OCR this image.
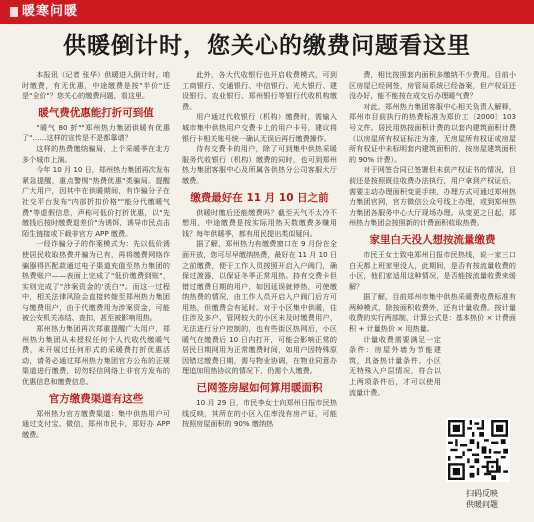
暖寒问暖
供暖倒计时，您关心的缴费问题看这里

本报讯（记者 张华）供暖进入倒计时，咱时缴费，有无优惠，中途缴费是按"半价"还是"全价"？您关心的缴费问题，看这里。

暖气费优惠能打折可到值

"暖气 80 折""郑州热力集团供暖有优惠了"……这样的宣传是不是都靠谱？

这样的热费缴纳骗局，上个采暖季在北方多个城市上演。

今年 10 月 10 日，郑州热力集团再次发布紧急提醒，重点警惕"热费优惠"类骗局。提醒广大用户，因其中在供暖期间，有诈骗分子在社交平台发布"内部折扣价格""能分代缴暖气费"等虚假信息，声称可低价打折优惠，以"先缴钱后按时缴费退差价"为诱饵，诱导市民点击陌生链接或下载非官方 APP 缴费。

一经诈骗分子的作案模式为：先以低价诱使居民收取热费并骗为已有，再将缴费网络诈骗器得匹配款通过电子渠道充值至热力集团的热费账户——表面上完成了"低价缴费到账"，实则完成了"涉案资金的'洗白'"。而这一过程中，相关法律风险会直接转嫁至郑州热力集团与缴费用户，由于代缴费用为涉案资金，可能被公安机关冻结、查扣，甚至被影响用热。

郑州热力集团再次郑重提醒广大用户，郑州热力集团从未授权任何个人代收代缴暖气费，未开展过任何形式的采暖费打折优惠活动，请务必通过郑州热力集团官方公布的正规渠道进行缴费，切勿轻信网络上非官方发布的优惠信息和缴费信息。

官方缴费渠道有这些

郑州热力官方缴费渠道：集中供热用户可通过支付宝、微信，郑州市民卡，郑好办 APP 缴费。

此外，各大代收银行也开启收费模式，可到工商银行、交通银行、中信银行、光大银行、建设银行、农业银行、郑州银行等银行代收机构缴费。

用户通过代收银行（机构）缴费时，需输入城市集中供热用户交费卡上的用户卡号，建议将银行卡相关账号统一确认无误后再行缴费操作。

待有交费卡的用户，除了可到集中供热采暖服务代收银行（机构）缴费的同时，也可到郑州热力集团客服中心及所属各供热分公司客服大厅缴费。

缴费最好在 11 月 10 日之前

供暖时缴后还能缴费吗？截至天气不太冷不想用，中途缴费是按实际用热天数缴费多赚用钱？每年供暖季，都有用民提出类似疑问。

据了解，郑州热力有缴费窗口在 9 月份在全面开放，您可尽早缴纳热费，最好在 11 月 10 日之前缴费，便于工作人员按照开启入户阀门，确保过渡器，以保证冬季正常用热。持有交费卡但错过缴费日期的用户，如因延误就停热，可使缴纳热费的情况，由工作人员开启入户阀门后方可用热，但缴费会有延时。对于小区集中供暖，往往涉及多户、管网较大的小区未及时缴费用户，无法进行分户控制的，也有些街区热网后，小区暖气在缴费后 10 日内打开，可能会影响正常的居民日期网用为正常缴费时间，如用户因特殊原因错过缴费日期，需与物业协调，在物业同意办理追加用热协议的情况下，仍需个人缴费。

已网签房屋如何算用暖面积

10 月 29 日，市民李女士向郑州日报市民热线反映，其所在的小区入住率没有房产证，可能按照房屋面积的 90% 缴纳热

费，相比按照套内面积多缴纳不少费用。目前小区房屋已经网签，房管局系统已经备案，但产权证还没办好，能不能按在成交后办理暖气费？

对此，郑州热力集团客服中心相关负责人解释，郑州市目前执行的热费标准为郑价工〔2000〕103 号文件。居民用热按面积计费的以套内建筑面积计费（以房屋所有权证标注为准，无房屋所有权证或房屋所有权证中未标明套内建筑面积的，按房屋建筑面积的 90% 计费）。

对于网签合同已签署但未获产权证书的情况，目前还是按照既往收费办法执行，用户拿到产权证后，需要主动办理面积变更手续，办理方式可通过郑州热力集团官网，官方微信公众号线上办理，或到郑州热力集团各服务中心大厅现场办理。从变更之日起，郑州热力集团会按照新的计费面积收取热费。

家里白天没人想按流量缴费

市民王女士致电郑州日报市民热线，说一家三口白天都上班家里没人，此期间，是否有按流量收费的小区，他们家适用这种情况，是否能按流量收费来缓解？

据了解，目前郑州市集中供热采暖费收费标准有两种模式，除按面积收费外，还有计量收费。按计量收费的实行两部制，计算公式是：基本热价 × 计费面积 + 计量热价 × 用热量。

计量收费需要满足一定条件：房屋外墙为节能建筑，具备热计量条件、小区无特殊入户层情况，符合以上两项条件后，才可以使用流量计费。

扫码反映
供暖问题
